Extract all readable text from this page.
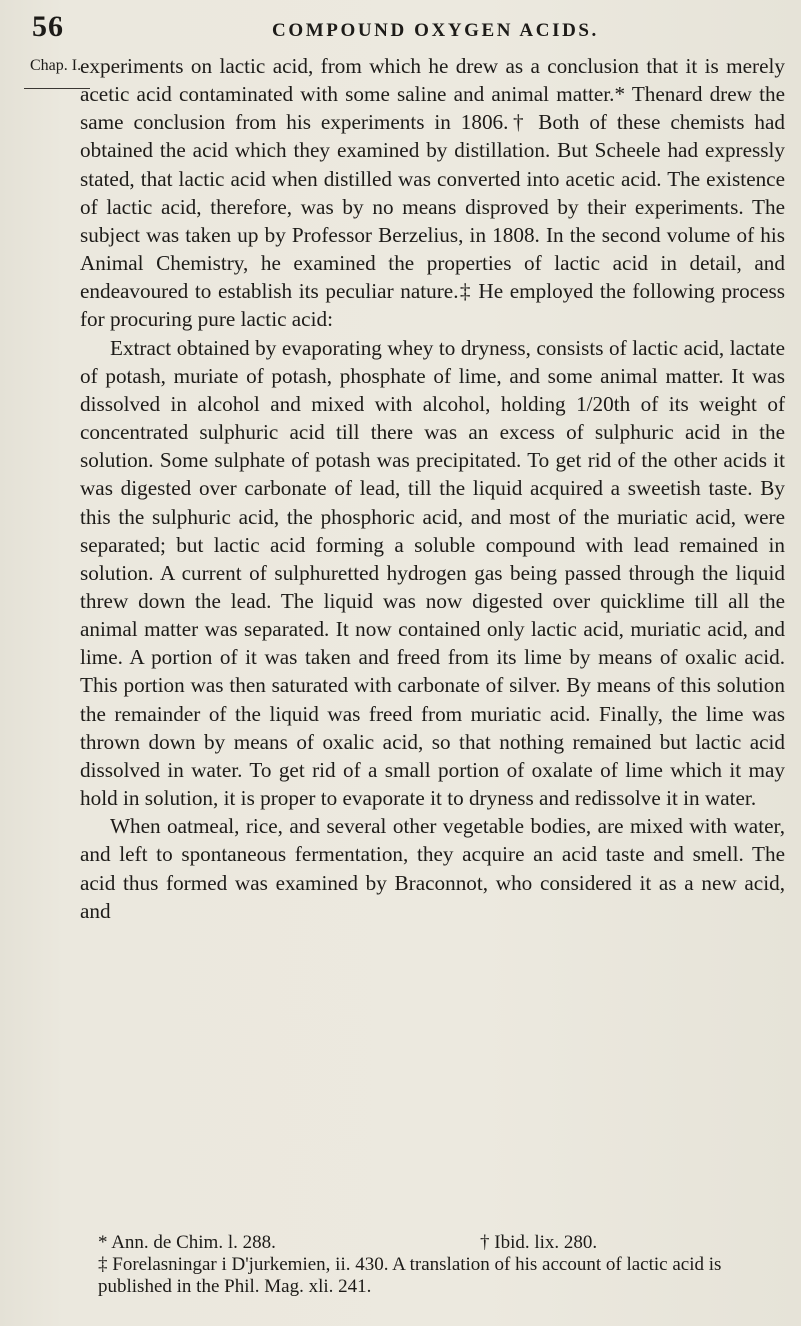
56	COMPOUND OXYGEN ACIDS.
Chap. I.

experiments on lactic acid, from which he drew as a conclusion that it is merely acetic acid contaminated with some saline and animal matter.* Thenard drew the same conclusion from his experiments in 1806.† Both of these chemists had obtained the acid which they examined by distillation. But Scheele had expressly stated, that lactic acid when distilled was converted into acetic acid. The existence of lactic acid, therefore, was by no means disproved by their experiments. The subject was taken up by Professor Berzelius, in 1808. In the second volume of his Animal Chemistry, he examined the properties of lactic acid in detail, and endeavoured to establish its peculiar nature.‡ He employed the following process for procuring pure lactic acid:

Extract obtained by evaporating whey to dryness, consists of lactic acid, lactate of potash, muriate of potash, phosphate of lime, and some animal matter. It was dissolved in alcohol and mixed with alcohol, holding 1/20th of its weight of concentrated sulphuric acid till there was an excess of sulphuric acid in the solution. Some sulphate of potash was precipitated. To get rid of the other acids it was digested over carbonate of lead, till the liquid acquired a sweetish taste. By this the sulphuric acid, the phosphoric acid, and most of the muriatic acid, were separated; but lactic acid forming a soluble compound with lead remained in solution. A current of sulphuretted hydrogen gas being passed through the liquid threw down the lead. The liquid was now digested over quicklime till all the animal matter was separated. It now contained only lactic acid, muriatic acid, and lime. A portion of it was taken and freed from its lime by means of oxalic acid. This portion was then saturated with carbonate of silver. By means of this solution the remainder of the liquid was freed from muriatic acid. Finally, the lime was thrown down by means of oxalic acid, so that nothing remained but lactic acid dissolved in water. To get rid of a small portion of oxalate of lime which it may hold in solution, it is proper to evaporate it to dryness and redissolve it in water.

When oatmeal, rice, and several other vegetable bodies, are mixed with water, and left to spontaneous fermentation, they acquire an acid taste and smell. The acid thus formed was examined by Braconnot, who considered it as a new acid, and

* Ann. de Chim. l. 288.	† Ibid. lix. 280.
‡ Forelasningar i D'jurkemien, ii. 430. A translation of his account of lactic acid is published in the Phil. Mag. xli. 241.
